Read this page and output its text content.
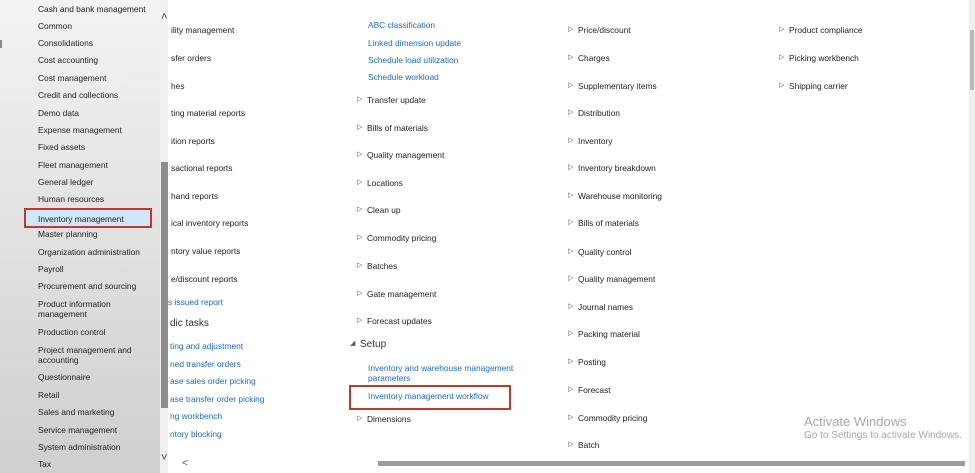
Cash and bank management
Common
Consolidations
Cost accounting
Cost management
Credit and collections
Demo data
Expense management
Fixed assets
Fleet management
General ledger
Human resources
Inventory management
Master planning
Organization administration
Payroll
Procurement and sourcing
Product information management
Production control
Project management and accounting
Questionnaire
Retail
Sales and marketing
Service management
System administration
Tax
˄
˅
ility management
sfer orders
hes
ting material reports
ition reports
sactional reports
hand reports
ical inventory reports
ntory value reports
e/discount reports
s issued report
dic tasks
ting and adjustment
ned transfer orders
ase sales order picking
ase transfer order picking
ng workbench
ntory blocking
ABC classification
Linked dimension update
Schedule load utilization
Schedule workload
▷ Transfer update
▷ Bills of materials
▷ Quality management
▷ Locations
▷ Clean up
▷ Commodity pricing
▷ Batches
▷ Gate management
▷ Forecast updates
◢ Setup
Inventory and warehouse management parameters
Inventory management workflow
▷ Dimensions
▷ Price/discount
▷ Charges
▷ Supplementary items
▷ Distribution
▷ Inventory
▷ Inventory breakdown
▷ Warehouse monitoring
▷ Bills of materials
▷ Quality control
▷ Quality management
▷ Journal names
▷ Packing material
▷ Posting
▷ Forecast
▷ Commodity pricing
▷ Batch
▷ Product compliance
▷ Picking workbench
▷ Shipping carrier
<
Activate Windows
Go to Settings to activate Windows.
